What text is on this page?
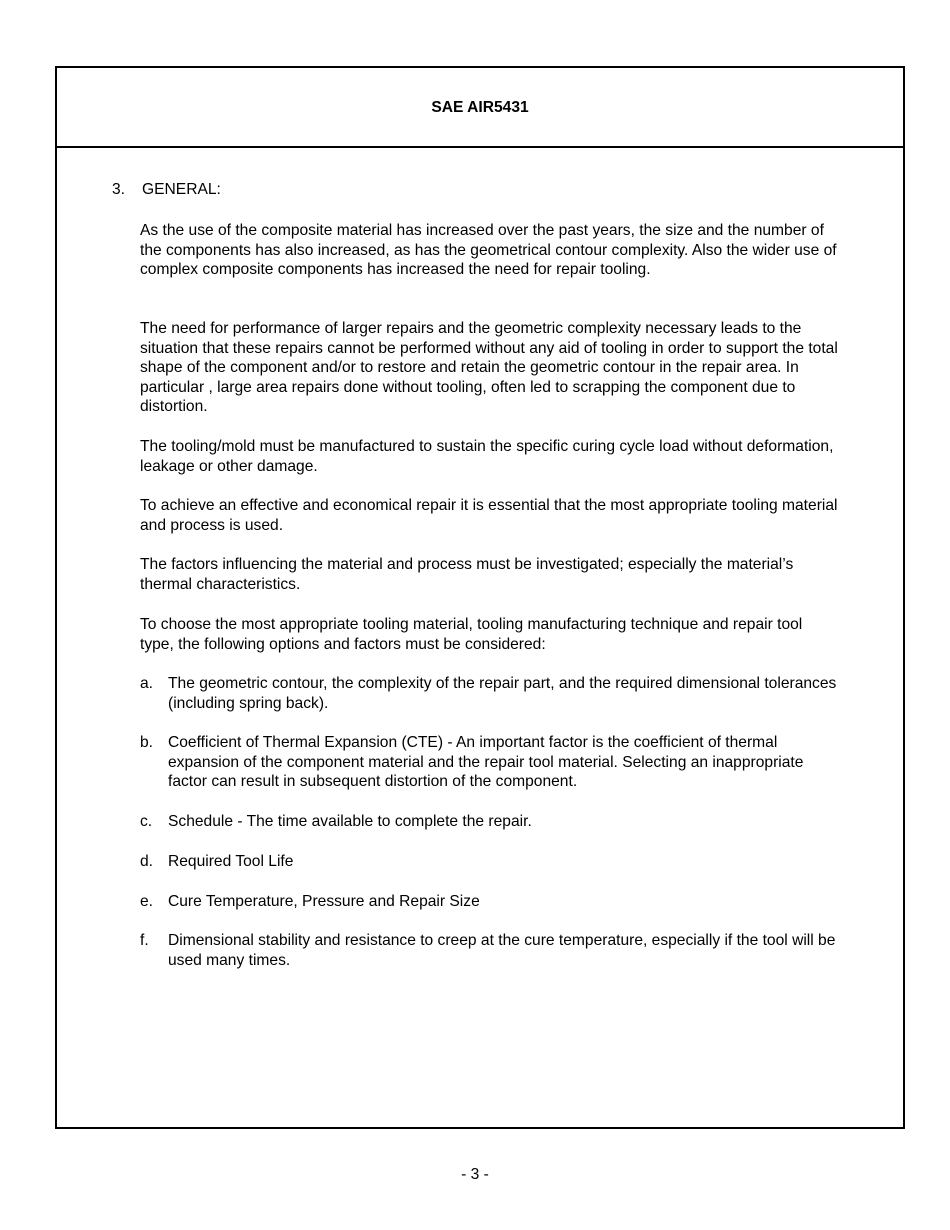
SAE AIR5431
3. GENERAL:

As the use of the composite material has increased over the past years, the size and the number of the components has also increased, as has the geometrical contour complexity. Also the wider use of complex composite components has increased the need for repair tooling.

The need for performance of larger repairs and the geometric complexity necessary leads to the situation that these repairs cannot be performed without any aid of tooling in order to support the total shape of the component and/or to restore and retain the geometric contour in the repair area. In particular , large area repairs done without tooling, often led to scrapping the component due to distortion.

The tooling/mold must be manufactured to sustain the specific curing cycle load without deformation, leakage or other damage.

To achieve an effective and economical repair it is essential that the most appropriate tooling material and process is used.

The factors influencing the material and process must be investigated; especially the material’s thermal characteristics.

To choose the most appropriate tooling material, tooling manufacturing technique and repair tool type, the following options and factors must be considered:

a. The geometric contour, the complexity of the repair part, and the required dimensional tolerances (including spring back).
b. Coefficient of Thermal Expansion (CTE) - An important factor is the coefficient of thermal expansion of the component material and the repair tool material. Selecting an inappropriate factor can result in subsequent distortion of the component.
c.	Schedule - The time available to complete the repair.
d. Required Tool Life
e. Cure Temperature, Pressure and Repair Size
f.	Dimensional stability and resistance to creep at the cure temperature, especially if the tool will be used many times.
- 3 -
